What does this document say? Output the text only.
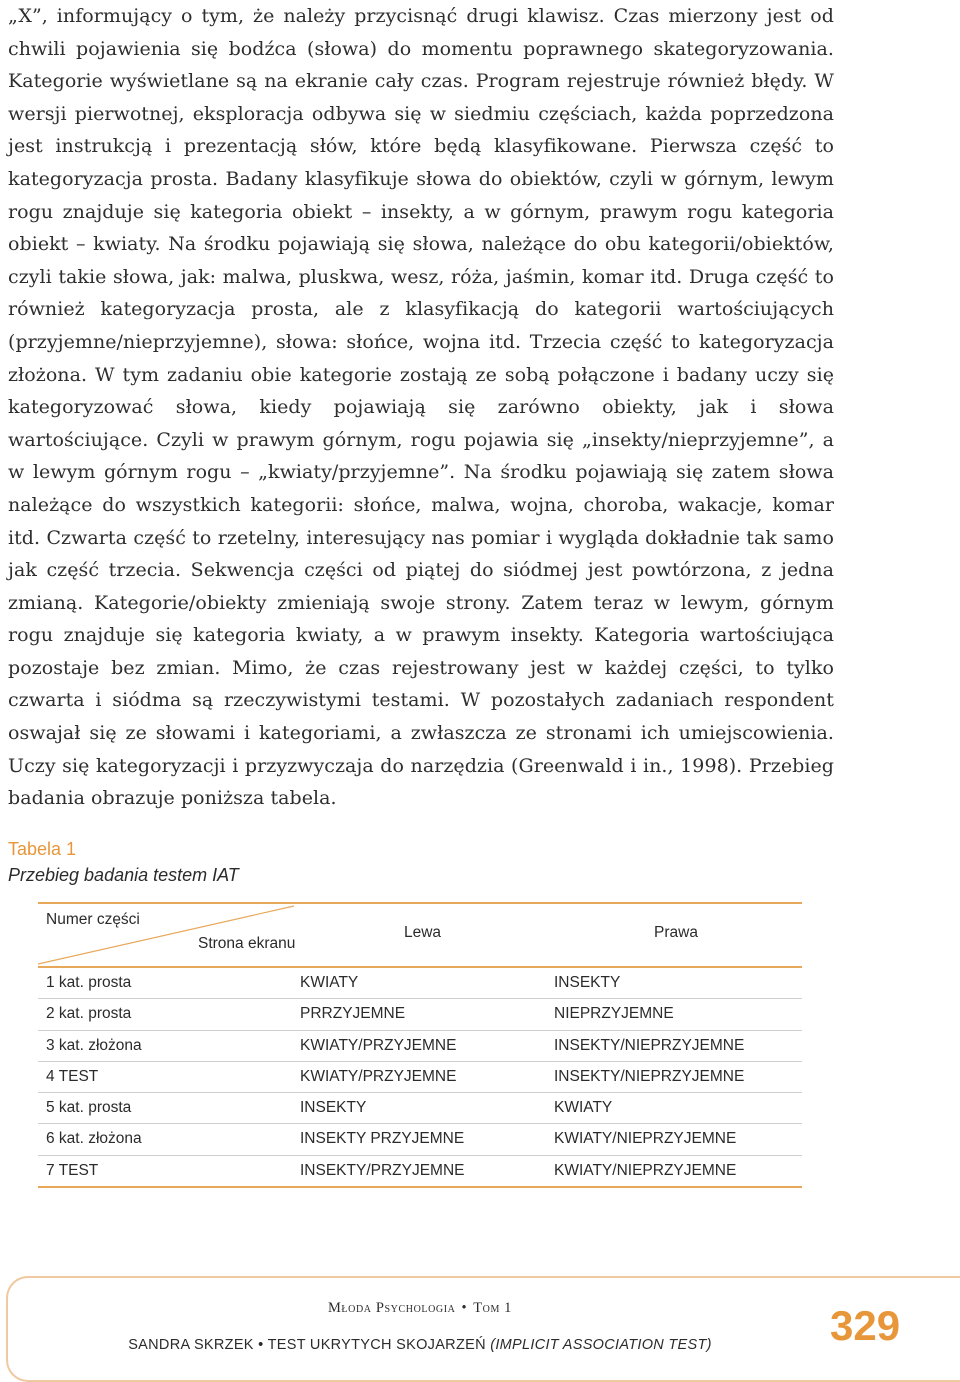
„X”, informujący o tym, że należy przycisnąć drugi klawisz. Czas mierzony jest od chwili pojawienia się bodźca (słowa) do momentu poprawnego skategoryzowania. Kategorie wyświetlane są na ekranie cały czas. Program rejestruje również błędy. W wersji pierwotnej, eksploracja odbywa się w siedmiu częściach, każda poprzedzona jest instrukcją i prezentacją słów, które będą klasyfikowane. Pierwsza część to kategoryzacja prosta. Badany klasyfikuje słowa do obiektów, czyli w górnym, lewym rogu znajduje się kategoria obiekt – insekty, a w górnym, prawym rogu kategoria obiekt – kwiaty. Na środku pojawiają się słowa, należące do obu kategorii/obiektów, czyli takie słowa, jak: malwa, pluskwa, wesz, róża, jaśmin, komar itd. Druga część to również kategoryzacja prosta, ale z klasyfikacją do kategorii wartościujących (przyjemne/nieprzyjemne), słowa: słońce, wojna itd. Trzecia część to kategoryzacja złożona. W tym zadaniu obie kategorie zostają ze sobą połączone i badany uczy się kategoryzować słowa, kiedy pojawiają się zarówno obiekty, jak i słowa wartościujące. Czyli w prawym górnym, rogu pojawia się „insekty/nieprzyjemne”, a w lewym górnym rogu – „kwiaty/przyjemne”. Na środku pojawiają się zatem słowa należące do wszystkich kategorii: słońce, malwa, wojna, choroba, wakacje, komar itd. Czwarta część to rzetelny, interesujący nas pomiar i wygląda dokładnie tak samo jak część trzecia. Sekwencja części od piątej do siódmej jest powtórzona, z jedna zmianą. Kategorie/obiekty zmieniają swoje strony. Zatem teraz w lewym, górnym rogu znajduje się kategoria kwiaty, a w prawym insekty. Kategoria wartościująca pozostaje bez zmian. Mimo, że czas rejestrowany jest w każdej części, to tylko czwarta i siódma są rzeczywistymi testami. W pozostałych zadaniach respondent oswajał się ze słowami i kategoriami, a zwłaszcza ze stronami ich umiejscowienia. Uczy się kategoryzacji i przyzwyczaja do narzędzia (Greenwald i in., 1998). Przebieg badania obrazuje poniższa tabela.

Tabela 1
Przebieg badania testem IAT
Numer części
Strona ekranu
Lewa	Prawa
1 kat. prosta	KWIATY	INSEKTY
2 kat. prosta	PRRZYJEMNE	NIEPRZYJEMNE
3 kat. złożona	KWIATY/PRZYJEMNE	INSEKTY/NIEPRZYJEMNE
4 TEST	KWIATY/PRZYJEMNE	INSEKTY/NIEPRZYJEMNE
5 kat. prosta	INSEKTY	KWIATY
6 kat. złożona	INSEKTY PRZYJEMNE	KWIATY/NIEPRZYJEMNE
7 TEST	INSEKTY/PRZYJEMNE	KWIATY/NIEPRZYJEMNE
Młoda Psychologia • Tom 1
SANDRA SKRZEK • TEST UKRYTYCH SKOJARZEŃ (IMPLICIT ASSOCIATION TEST)	329
